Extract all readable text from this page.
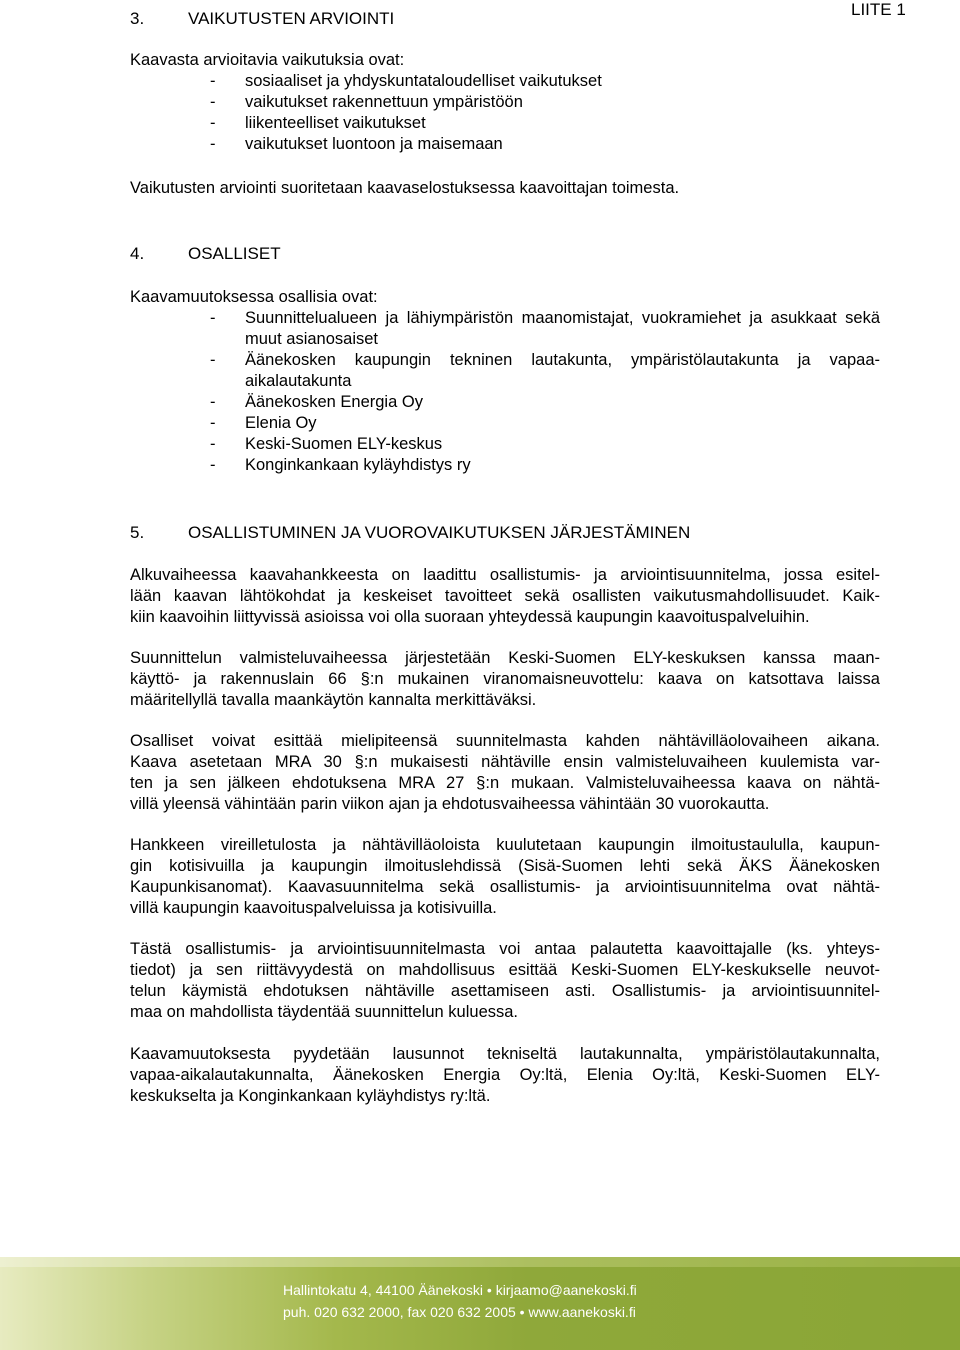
LIITE 1
3.	VAIKUTUSTEN ARVIOINTI
Kaavasta arvioitavia vaikutuksia ovat:
- sosiaaliset ja yhdyskuntataloudelliset vaikutukset
- vaikutukset rakennettuun ympäristöön
- liikenteelliset vaikutukset
- vaikutukset luontoon ja maisemaan
Vaikutusten arviointi suoritetaan kaavaselostuksessa kaavoittajan toimesta.
4.	OSALLISET
Kaavamuutoksessa osallisia ovat:
- Suunnittelualueen ja lähiympäristön maanomistajat, vuokramiehet ja asukkaat sekä muut asianosaiset
- Äänekosken kaupungin tekninen lautakunta, ympäristölautakunta ja vapaa-aikalautakunta
- Äänekosken Energia Oy
- Elenia Oy
- Keski-Suomen ELY-keskus
- Konginkankaan kyläyhdistys ry
5.	OSALLISTUMINEN JA VUOROVAIKUTUKSEN JÄRJESTÄMINEN
Alkuvaiheessa kaavahankkeesta on laadittu osallistumis- ja arviointisuunnitelma, jossa esitel-
lään kaavan lähtökohdat ja keskeiset tavoitteet sekä osallisten vaikutusmahdollisuudet. Kaik-
kiin kaavoihin liittyvissä asioissa voi olla suoraan yhteydessä kaupungin kaavoituspalveluihin.
Suunnittelun valmisteluvaiheessa järjestetään Keski-Suomen ELY-keskuksen kanssa maan-
käyttö- ja rakennuslain 66 §:n mukainen viranomaisneuvottelu: kaava on katsottava laissa
määritellyllä tavalla maankäytön kannalta merkittäväksi.
Osalliset voivat esittää mielipiteensä suunnitelmasta kahden nähtävilläolovaiheen aikana.
Kaava asetetaan MRA 30 §:n mukaisesti nähtäville ensin valmisteluvaiheen kuulemista var-
ten ja sen jälkeen ehdotuksena MRA 27 §:n mukaan. Valmisteluvaiheessa kaava on nähtä-
villä yleensä vähintään parin viikon ajan ja ehdotusvaiheessa vähintään 30 vuorokautta.
Hankkeen vireilletulosta ja nähtävilläoloista kuulutetaan kaupungin ilmoitustaululla, kaupun-
gin kotisivuilla ja kaupungin ilmoituslehdissä (Sisä-Suomen lehti sekä ÄKS Äänekosken
Kaupunkisanomat). Kaavasuunnitelma sekä osallistumis- ja arviointisuunnitelma ovat nähtä-
villä kaupungin kaavoituspalveluissa ja kotisivuilla.
Tästä osallistumis- ja arviointisuunnitelmasta voi antaa palautetta kaavoittajalle (ks. yhteys-
tiedot) ja sen riittävyydestä on mahdollisuus esittää Keski-Suomen ELY-keskukselle neuvot-
telun käymistä ehdotuksen nähtäville asettamiseen asti. Osallistumis- ja arviointisuunnitel-
maa on mahdollista täydentää suunnittelun kuluessa.
Kaavamuutoksesta pyydetään lausunnot tekniseltä lautakunnalta, ympäristölautakunnalta,
vapaa-aikalautakunnalta, Äänekosken Energia Oy:ltä, Elenia Oy:ltä, Keski-Suomen ELY-
keskukselta ja Konginkankaan kyläyhdistys ry:ltä.
Hallintokatu 4, 44100 Äänekoski • kirjaamo@aanekoski.fi
puh. 020 632 2000, fax 020 632 2005 • www.aanekoski.fi
